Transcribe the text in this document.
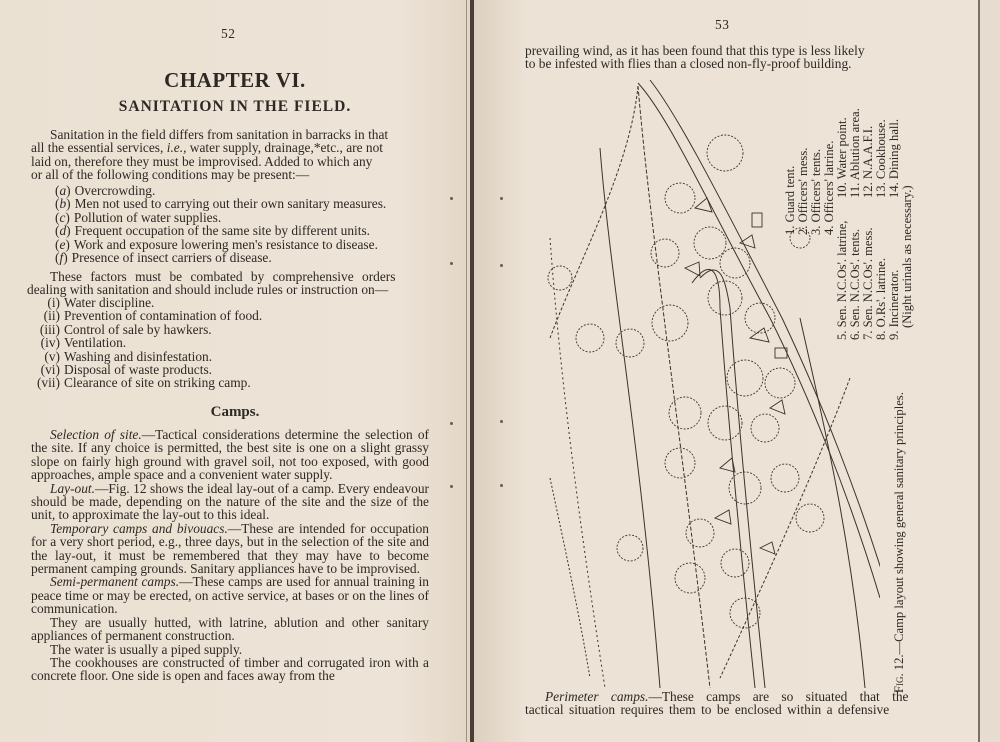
52
CHAPTER VI.
SANITATION IN THE FIELD.
Sanitation in the field differs from sanitation in barracks in that
all the essential services, i.e., water supply, drainage,*etc., are not
laid on, therefore they must be improvised. Added to which any
or all of the following conditions may be present:—
(a) Overcrowding.
(b) Men not used to carrying out their own sanitary measures.
(c) Pollution of water supplies.
(d) Frequent occupation of the same site by different units.
(e) Work and exposure lowering men's resistance to disease.
(f) Presence of insect carriers of disease.
These factors must be combated by comprehensive orders
dealing with sanitation and should include rules or instruction on—
(i) Water discipline.
(ii) Prevention of contamination of food.
(iii) Control of sale by hawkers.
(iv) Ventilation.
(v) Washing and disinfestation.
(vi) Disposal of waste products.
(vii) Clearance of site on striking camp.
Camps.
Selection of site.—Tactical considerations determine the selection of the site. If any choice is permitted, the best site is one on a slight grassy slope on fairly high ground with gravel soil, not too exposed, with good approaches, ample space and a convenient water supply.
Lay-out.—Fig. 12 shows the ideal lay-out of a camp. Every endeavour should be made, depending on the nature of the site and the size of the unit, to approximate the lay-out to this ideal.
Temporary camps and bivouacs.—These are intended for occupation for a very short period, e.g., three days, but in the selection of the site and the lay-out, it must be remembered that they may have to become permanent camping grounds. Sanitary appliances have to be improvised.
Semi-permanent camps.—These camps are used for annual training in peace time or may be erected, on active service, at bases or on the lines of communication.
They are usually hutted, with latrine, ablution and other sanitary appliances of permanent construction.
The water is usually a piped supply.
The cookhouses are constructed of timber and corrugated iron with a concrete floor. One side is open and faces away from the
53
prevailing wind, as it has been found that this type is less likely
to be infested with flies than a closed non-fly-proof building.
1. Guard tent. 2. Officers' mess. 3. Officers' tents. 4. Officers' latrine.
5. Sen. N.C.Os'. latrine,
10. Water point.
6. Sen. N.C.Os'. tents.
11. Ablution area.
7. Sen. N.C.Os'. mess.
12. N.A.A.F.I.
8. O.Rs'. latrine.
13. Cookhouse.
9. Incinerator.
14. Dining hall.
(Night urinals as necessary.)
Fig. 12.—Camp layout showing general sanitary principles.
Perimeter camps.—These camps are so situated that the
tactical situation requires them to be enclosed within a defensive
